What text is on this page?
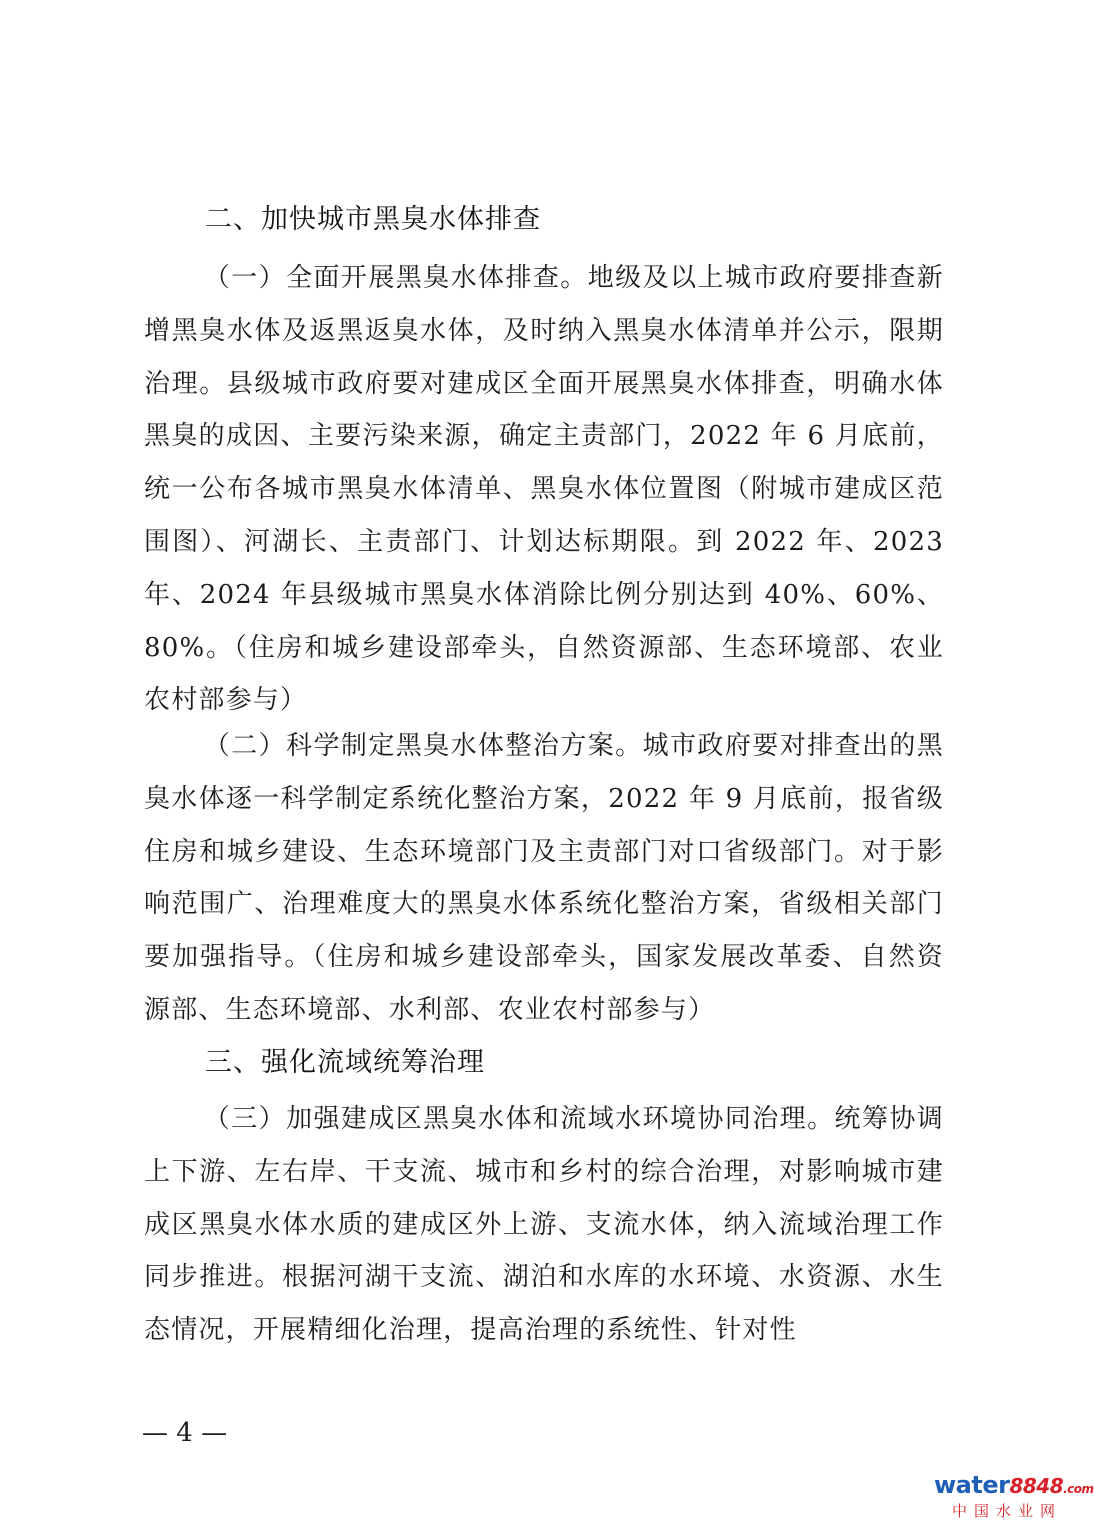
二、加快城市黑臭水体排查
（一）全面开展黑臭水体排查。地级及以上城市政府要排查新增黑臭水体及返黑返臭水体，及时纳入黑臭水体清单并公示，限期治理。县级城市政府要对建成区全面开展黑臭水体排查，明确水体黑臭的成因、主要污染来源，确定主责部门，2022 年 6 月底前，统一公布各城市黑臭水体清单、黑臭水体位置图（附城市建成区范围图）、河湖长、主责部门、计划达标期限。到 2022 年、2023 年、2024 年县级城市黑臭水体消除比例分别达到 40%、60%、80%。（住房和城乡建设部牵头，自然资源部、生态环境部、农业农村部参与）
（二）科学制定黑臭水体整治方案。城市政府要对排查出的黑臭水体逐一科学制定系统化整治方案，2022 年 9 月底前，报省级住房和城乡建设、生态环境部门及主责部门对口省级部门。对于影响范围广、治理难度大的黑臭水体系统化整治方案，省级相关部门要加强指导。（住房和城乡建设部牵头，国家发展改革委、自然资源部、生态环境部、水利部、农业农村部参与）
三、强化流域统筹治理
（三）加强建成区黑臭水体和流域水环境协同治理。统筹协调上下游、左右岸、干支流、城市和乡村的综合治理，对影响城市建成区黑臭水体水质的建成区外上游、支流水体，纳入流域治理工作同步推进。根据河湖干支流、湖泊和水库的水环境、水资源、水生态情况，开展精细化治理，提高治理的系统性、针对性
— 4 —
water8848.com
中国水业网
